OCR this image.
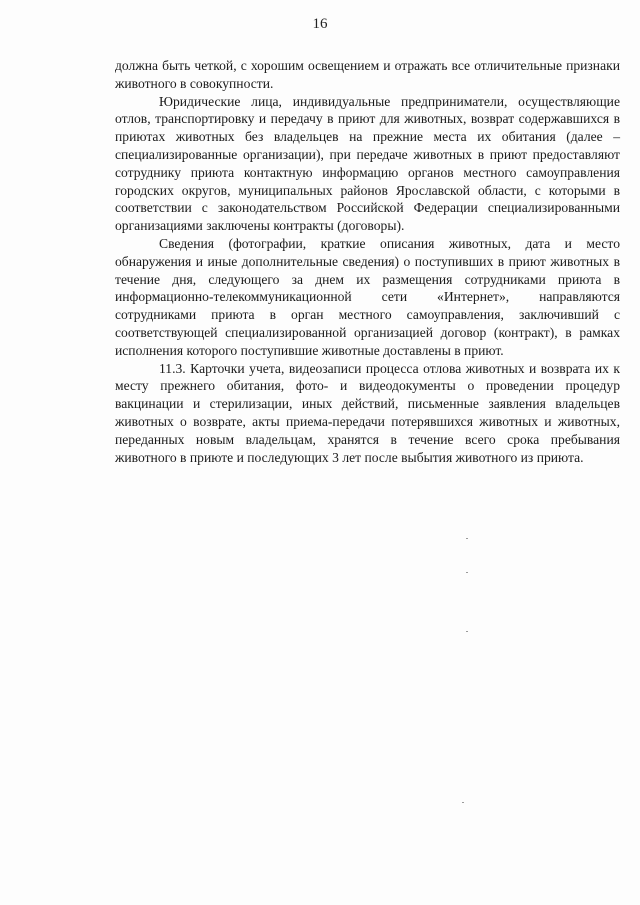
16

должна быть четкой, с хорошим освещением и отражать все отличительные признаки животного в совокупности.

Юридические лица, индивидуальные предприниматели, осуществляющие отлов, транспортировку и передачу в приют для животных, возврат содержавшихся в приютах животных без владельцев на прежние места их обитания (далее – специализированные организации), при передаче животных в приют предоставляют сотруднику приюта контактную информацию органов местного самоуправления городских округов, муниципальных районов Ярославской области, с которыми в соответствии с законодательством Российской Федерации специализированными организациями заключены контракты (договоры).

Сведения (фотографии, краткие описания животных, дата и место обнаружения и иные дополнительные сведения) о поступивших в приют животных в течение дня, следующего за днем их размещения сотрудниками приюта в информационно-телекоммуникационной сети «Интернет», направляются сотрудниками приюта в орган местного самоуправления, заключивший с соответствующей специализированной организацией договор (контракт), в рамках исполнения которого поступившие животные доставлены в приют.

11.3. Карточки учета, видеозаписи процесса отлова животных и возврата их к месту прежнего обитания, фото- и видеодокументы о проведении процедур вакцинации и стерилизации, иных действий, письменные заявления владельцев животных о возврате, акты приема-передачи потерявшихся животных и животных, переданных новым владельцам, хранятся в течение всего срока пребывания животного в приюте и последующих 3 лет после выбытия животного из приюта.
